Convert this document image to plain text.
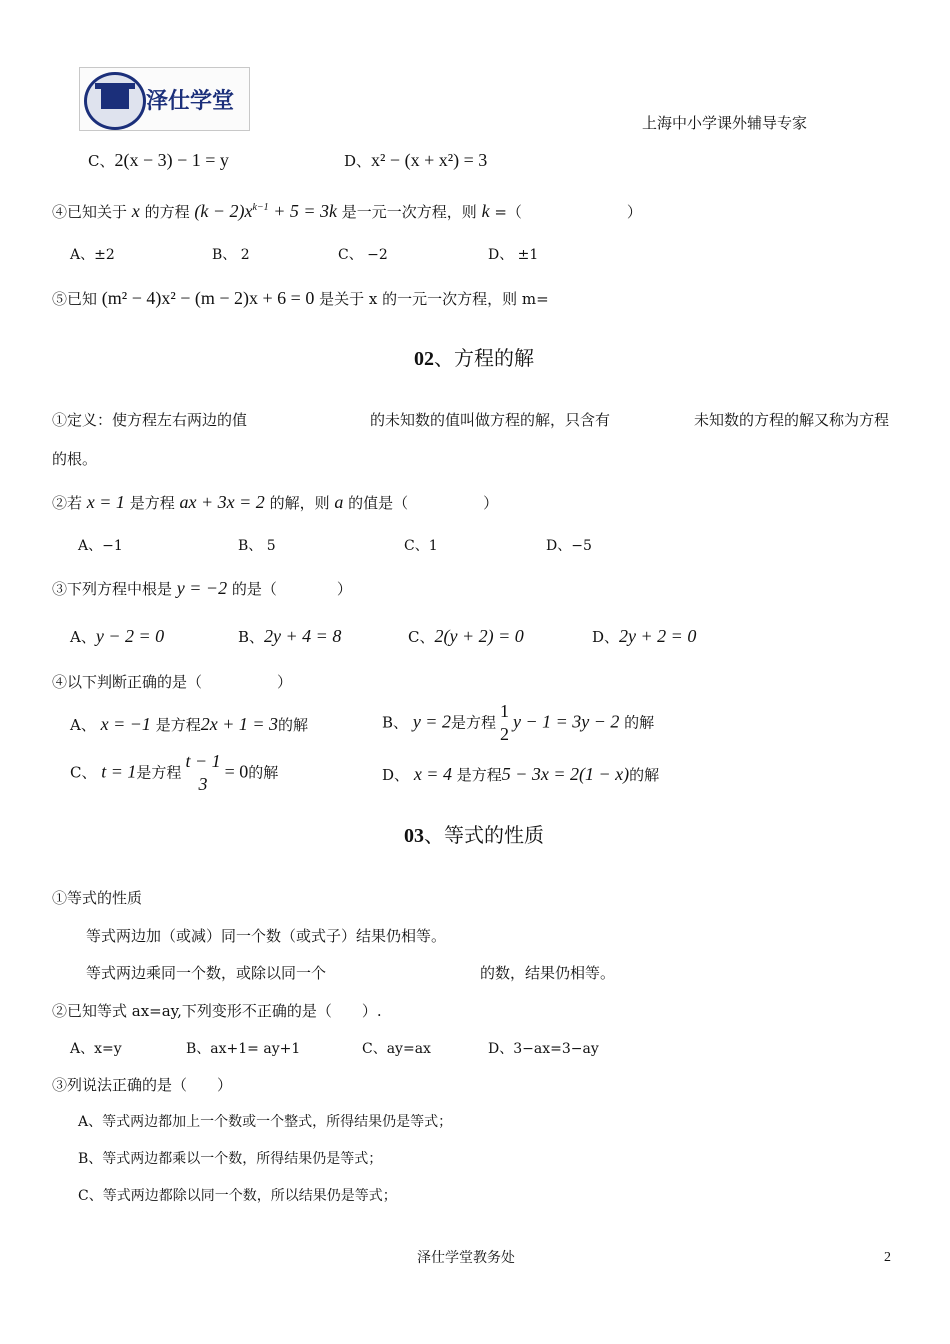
泽仕学堂
上海中小学课外辅导专家
C、2(x − 3) − 1 = y	D、x² − (x + x²) = 3
④已知关于 x 的方程 $(k - 2)x^{k-1} + 5 = 3k$ 是一元一次方程，则 k =（　　　　　　　）
A、±2	B、 2	C、 −2	D、 ±1
⑤已知 (m² − 4)x² − (m − 2)x + 6 = 0 是关于 x 的一元一次方程，则 m=
02、方程的解
①定义：使方程左右两边的值	的未知数的值叫做方程的解，只含有	未知数的方程的解又称为方程
的根。
②若 x = 1 是方程 ax + 3x = 2 的解，则 a 的值是（　　　　　）
A、−1	B、 5	C、1	D、−5
③下列方程中根是 y = −2 的是（　　　　）
A、y − 2 = 0	B、2y + 4 = 8	C、2(y + 2) = 0	D、2y + 2 = 0
④以下判断正确的是（　　　　　）
A、 x = −1 是方程2x + 1 = 3的解	B、 y = 2是方程
1
2
y − 1 = 3y − 2 的解
C、 t = 1是方程
t − 1
3
= 0的解	D、 x = 4 是方程5 − 3x = 2(1 − x)的解
03、等式的性质
①等式的性质
等式两边加（或减）同一个数（或式子）结果仍相等。
等式两边乘同一个数，或除以同一个	的数，结果仍相等。
②已知等式 ax=ay,下列变形不正确的是（　　）.
A、x=y	B、ax+1= ay+1	C、ay=ax	D、3−ax=3−ay
③列说法正确的是（　　）
A、等式两边都加上一个数或一个整式，所得结果仍是等式；
B、等式两边都乘以一个数，所得结果仍是等式；
C、等式两边都除以同一个数，所以结果仍是等式；
泽仕学堂教务处	2
